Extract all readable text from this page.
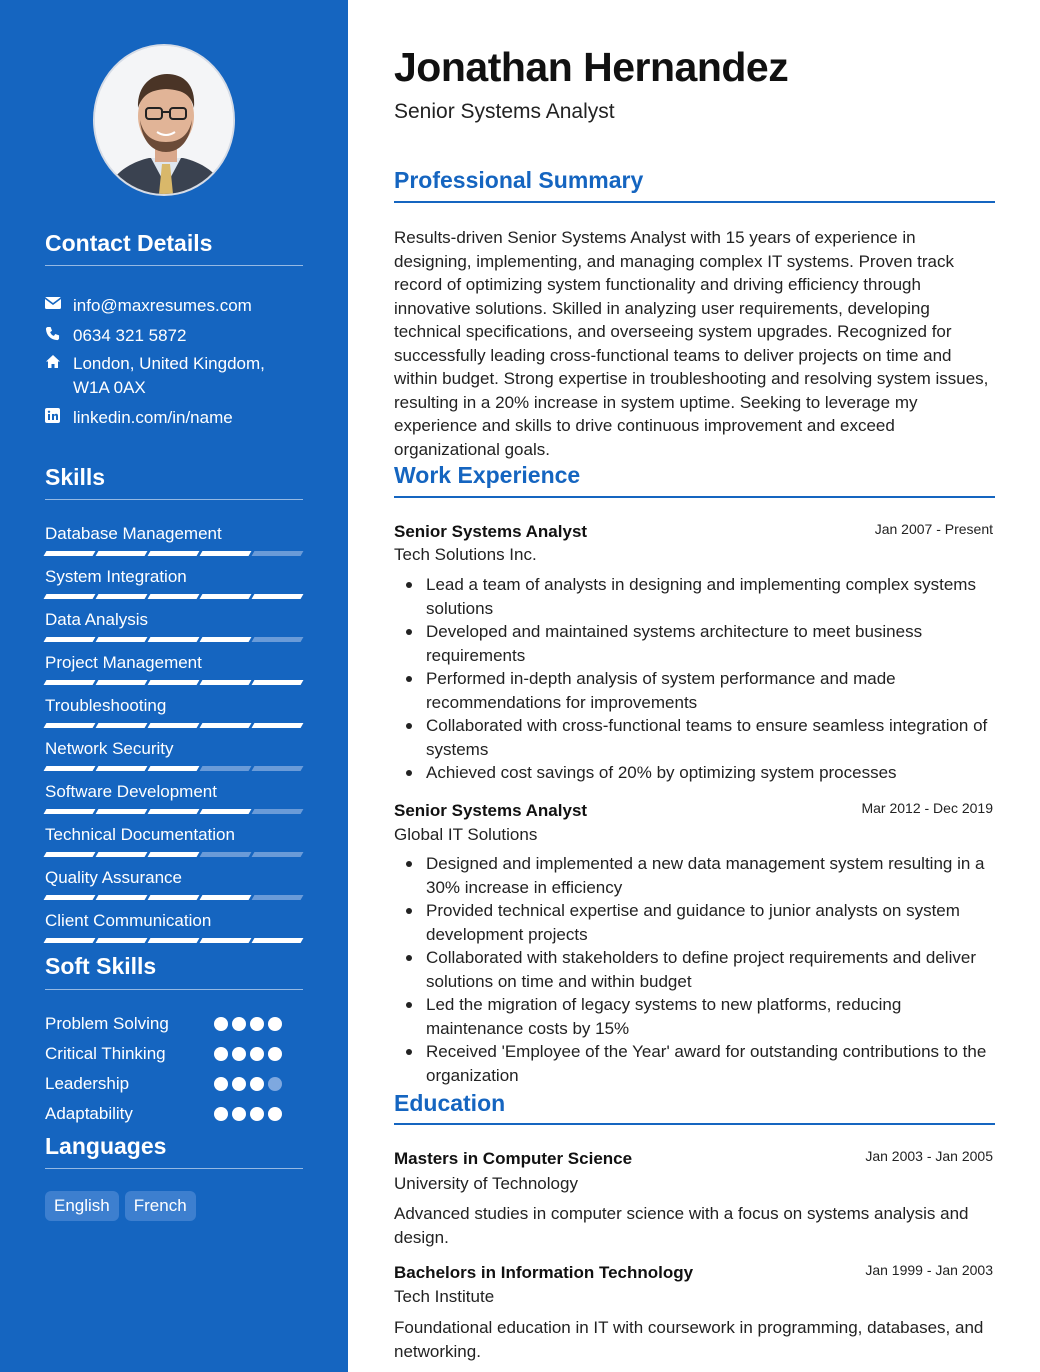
Contact Details
info@maxresumes.com
0634 321 5872
London, United Kingdom, W1A 0AX
linkedin.com/in/name
Skills
Database Management
System Integration
Data Analysis
Project Management
Troubleshooting
Network Security
Software Development
Technical Documentation
Quality Assurance
Client Communication
Soft Skills
Problem Solving
Critical Thinking
Leadership
Adaptability
Languages
English	French
Jonathan Hernandez
Senior Systems Analyst
Professional Summary
Results-driven Senior Systems Analyst with 15 years of experience in designing, implementing, and managing complex IT systems. Proven track record of optimizing system functionality and driving efficiency through innovative solutions. Skilled in analyzing user requirements, developing technical specifications, and overseeing system upgrades. Recognized for successfully leading cross-functional teams to deliver projects on time and within budget. Strong expertise in troubleshooting and resolving system issues, resulting in a 20% increase in system uptime. Seeking to leverage my experience and skills to drive continuous improvement and exceed organizational goals.
Work Experience
Senior Systems Analyst	Jan 2007 - Present
Tech Solutions Inc.
Lead a team of analysts in designing and implementing complex systems solutions
Developed and maintained systems architecture to meet business requirements
Performed in-depth analysis of system performance and made recommendations for improvements
Collaborated with cross-functional teams to ensure seamless integration of systems
Achieved cost savings of 20% by optimizing system processes
Senior Systems Analyst	Mar 2012 - Dec 2019
Global IT Solutions
Designed and implemented a new data management system resulting in a 30% increase in efficiency
Provided technical expertise and guidance to junior analysts on system development projects
Collaborated with stakeholders to define project requirements and deliver solutions on time and within budget
Led the migration of legacy systems to new platforms, reducing maintenance costs by 15%
Received 'Employee of the Year' award for outstanding contributions to the organization
Education
Masters in Computer Science	Jan 2003 - Jan 2005
University of Technology
Advanced studies in computer science with a focus on systems analysis and design.
Bachelors in Information Technology	Jan 1999 - Jan 2003
Tech Institute
Foundational education in IT with coursework in programming, databases, and networking.
